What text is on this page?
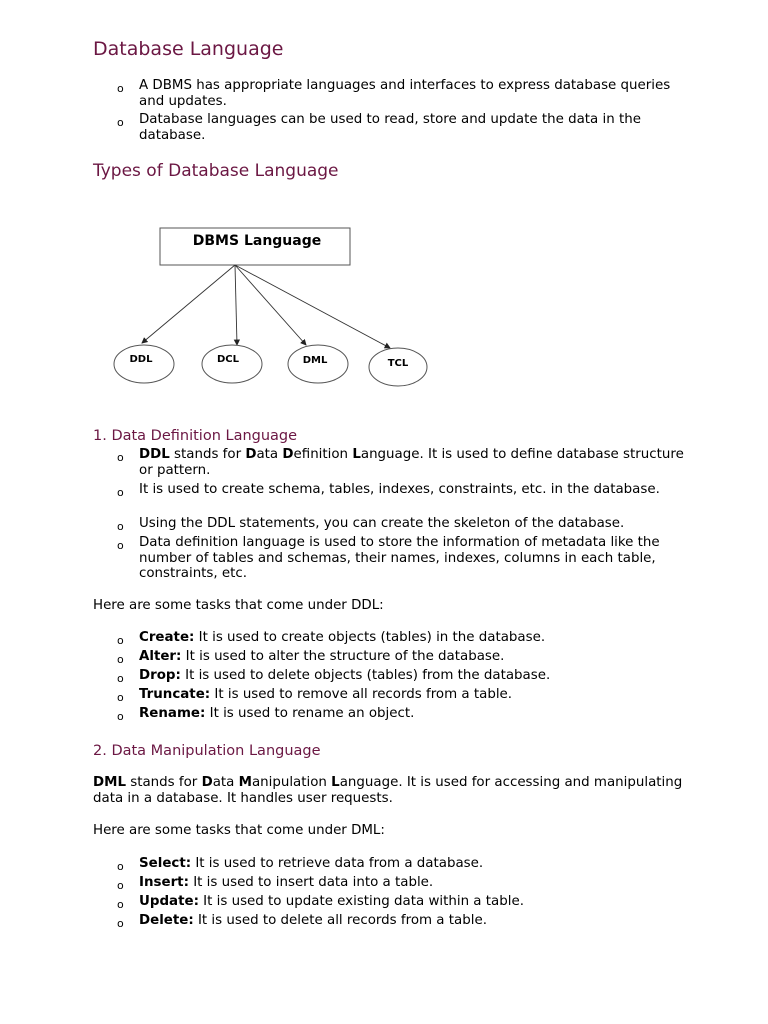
Database Language
o A DBMS has appropriate languages and interfaces to express database queries and updates.
o Database languages can be used to read, store and update the data in the database.
Types of Database Language
DBMS Language
DDL	DCL	DML	TCL
1. Data Definition Language
o DDL stands for Data Definition Language. It is used to define database structure or pattern.
o It is used to create schema, tables, indexes, constraints, etc. in the database.
o Using the DDL statements, you can create the skeleton of the database.
o Data definition language is used to store the information of metadata like the number of tables and schemas, their names, indexes, columns in each table, constraints, etc.
Here are some tasks that come under DDL:
o Create: It is used to create objects (tables) in the database.
o Alter: It is used to alter the structure of the database.
o Drop: It is used to delete objects (tables) from the database.
o Truncate: It is used to remove all records from a table.
o Rename: It is used to rename an object.
2. Data Manipulation Language
DML stands for Data Manipulation Language. It is used for accessing and manipulating data in a database. It handles user requests.
Here are some tasks that come under DML:
o Select: It is used to retrieve data from a database.
o Insert: It is used to insert data into a table.
o Update: It is used to update existing data within a table.
o Delete: It is used to delete all records from a table.
